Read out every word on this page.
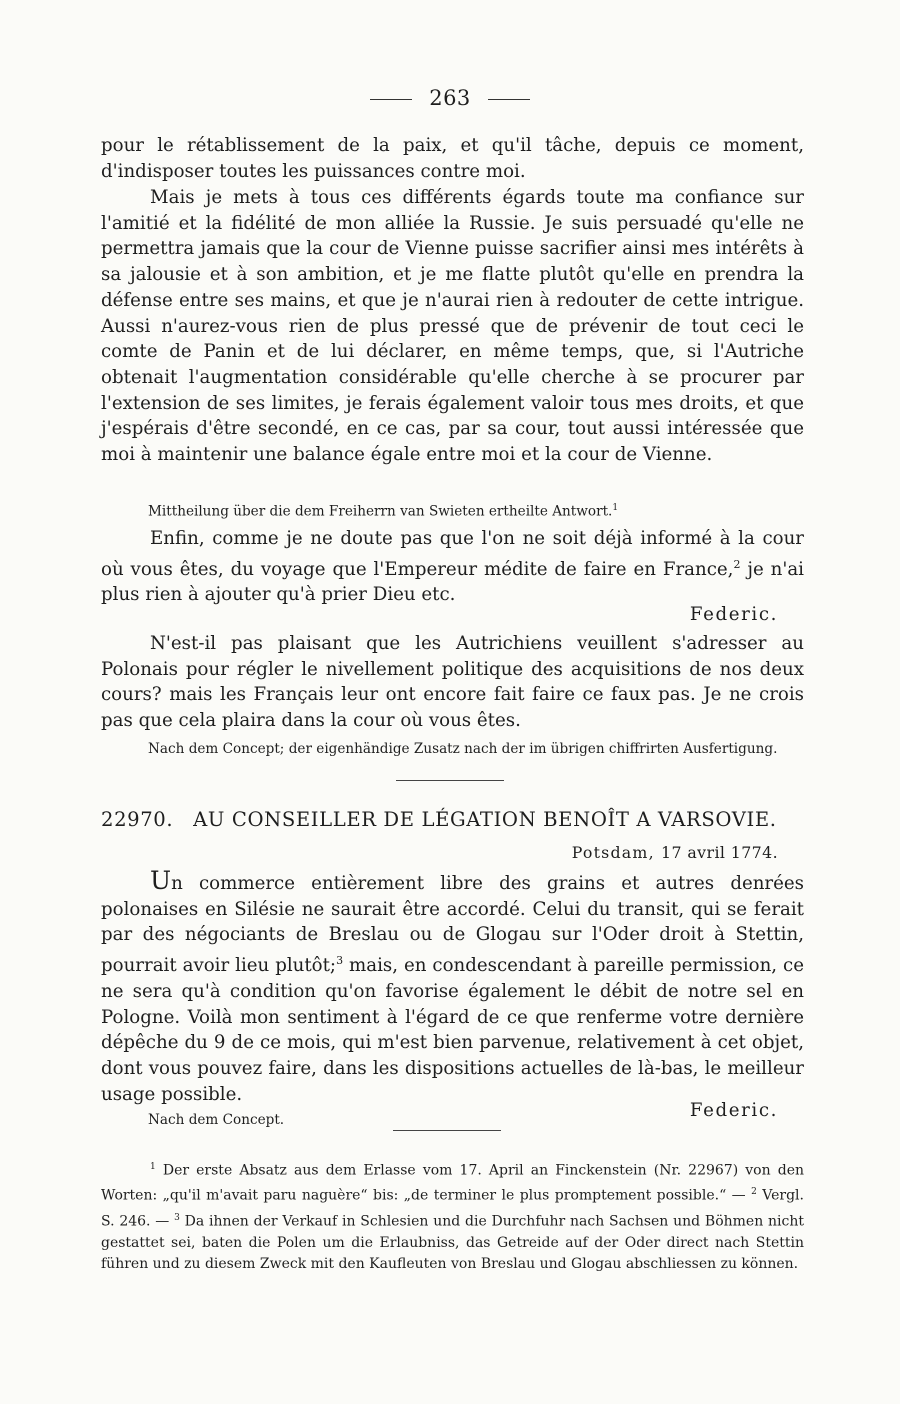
263

pour le rétablissement de la paix, et qu'il tâche, depuis ce moment, d'indisposer toutes les puissances contre moi.

Mais je mets à tous ces différents égards toute ma confiance sur l'amitié et la fidélité de mon alliée la Russie. Je suis persuadé qu'elle ne permettra jamais que la cour de Vienne puisse sacrifier ainsi mes intérêts à sa jalousie et à son ambition, et je me flatte plutôt qu'elle en prendra la défense entre ses mains, et que je n'aurai rien à redouter de cette intrigue. Aussi n'aurez-vous rien de plus pressé que de prévenir de tout ceci le comte de Panin et de lui déclarer, en même temps, que, si l'Autriche obtenait l'augmentation considérable qu'elle cherche à se procurer par l'extension de ses limites, je ferais également valoir tous mes droits, et que j'espérais d'être secondé, en ce cas, par sa cour, tout aussi intéressée que moi à maintenir une balance égale entre moi et la cour de Vienne.

Mittheilung über die dem Freiherrn van Swieten ertheilte Antwort.$^1$

Enfin, comme je ne doute pas que l'on ne soit déjà informé à la cour où vous êtes, du voyage que l'Empereur médite de faire en France,$^2$ je n'ai plus rien à ajouter qu'à prier Dieu etc.

Federic.

N'est-il pas plaisant que les Autrichiens veuillent s'adresser au Polonais pour régler le nivellement politique des acquisitions de nos deux cours? mais les Français leur ont encore fait faire ce faux pas. Je ne crois pas que cela plaira dans la cour où vous êtes.

Nach dem Concept; der eigenhändige Zusatz nach der im übrigen chiffrirten Ausfertigung.

22970. AU CONSEILLER DE LÉGATION BENOÎT A VARSOVIE.
Potsdam, 17 avril 1774.

Un commerce entièrement libre des grains et autres denrées polonaises en Silésie ne saurait être accordé. Celui du transit, qui se ferait par des négociants de Breslau ou de Glogau sur l'Oder droit à Stettin, pourrait avoir lieu plutôt;$^3$ mais, en condescendant à pareille permission, ce ne sera qu'à condition qu'on favorise également le débit de notre sel en Pologne. Voilà mon sentiment à l'égard de ce que renferme votre dernière dépêche du 9 de ce mois, qui m'est bien parvenue, relativement à cet objet, dont vous pouvez faire, dans les dispositions actuelles de là-bas, le meilleur usage possible.

Nach dem Concept.	Federic.

$^1$ Der erste Absatz aus dem Erlasse vom 17. April an Finckenstein (Nr. 22967) von den Worten: „qu'il m'avait paru naguère“ bis: „de terminer le plus promptement possible.“ — $^2$ Vergl. S. 246. — $^3$ Da ihnen der Verkauf in Schlesien und die Durchfuhr nach Sachsen und Böhmen nicht gestattet sei, baten die Polen um die Erlaubniss, das Getreide auf der Oder direct nach Stettin führen und zu diesem Zweck mit den Kaufleuten von Breslau und Glogau abschliessen zu können.
